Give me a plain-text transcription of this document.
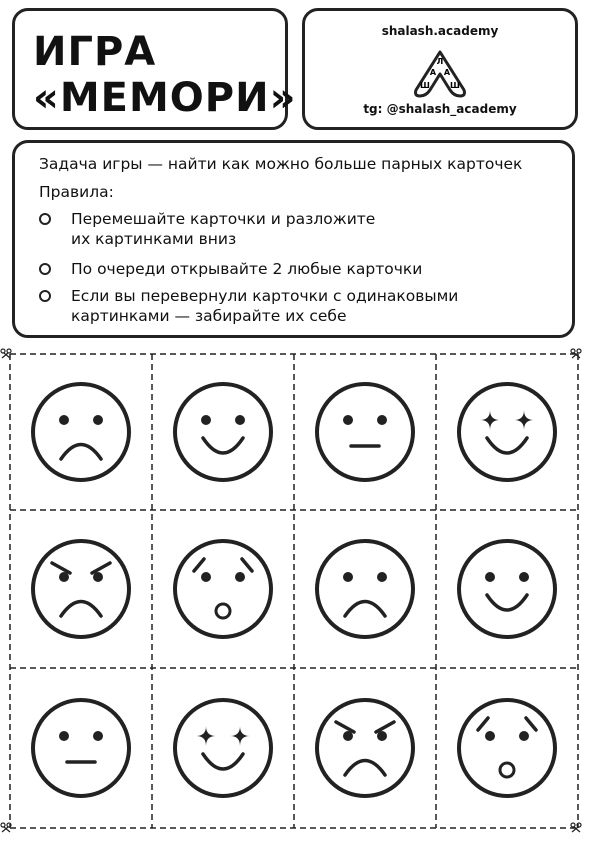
ИГРА
«МЕМОРИ»
shalash.academy
Л
А А
Ш	Ш
tg: @shalash_academy
Задача игры — найти как можно больше парных карточек
Правила:
Перемешайте карточки и разложите их картинками вниз
По очереди открывайте 2 любые карточки
Если вы перевернули карточки с одинаковыми картинками — забирайте их себе
